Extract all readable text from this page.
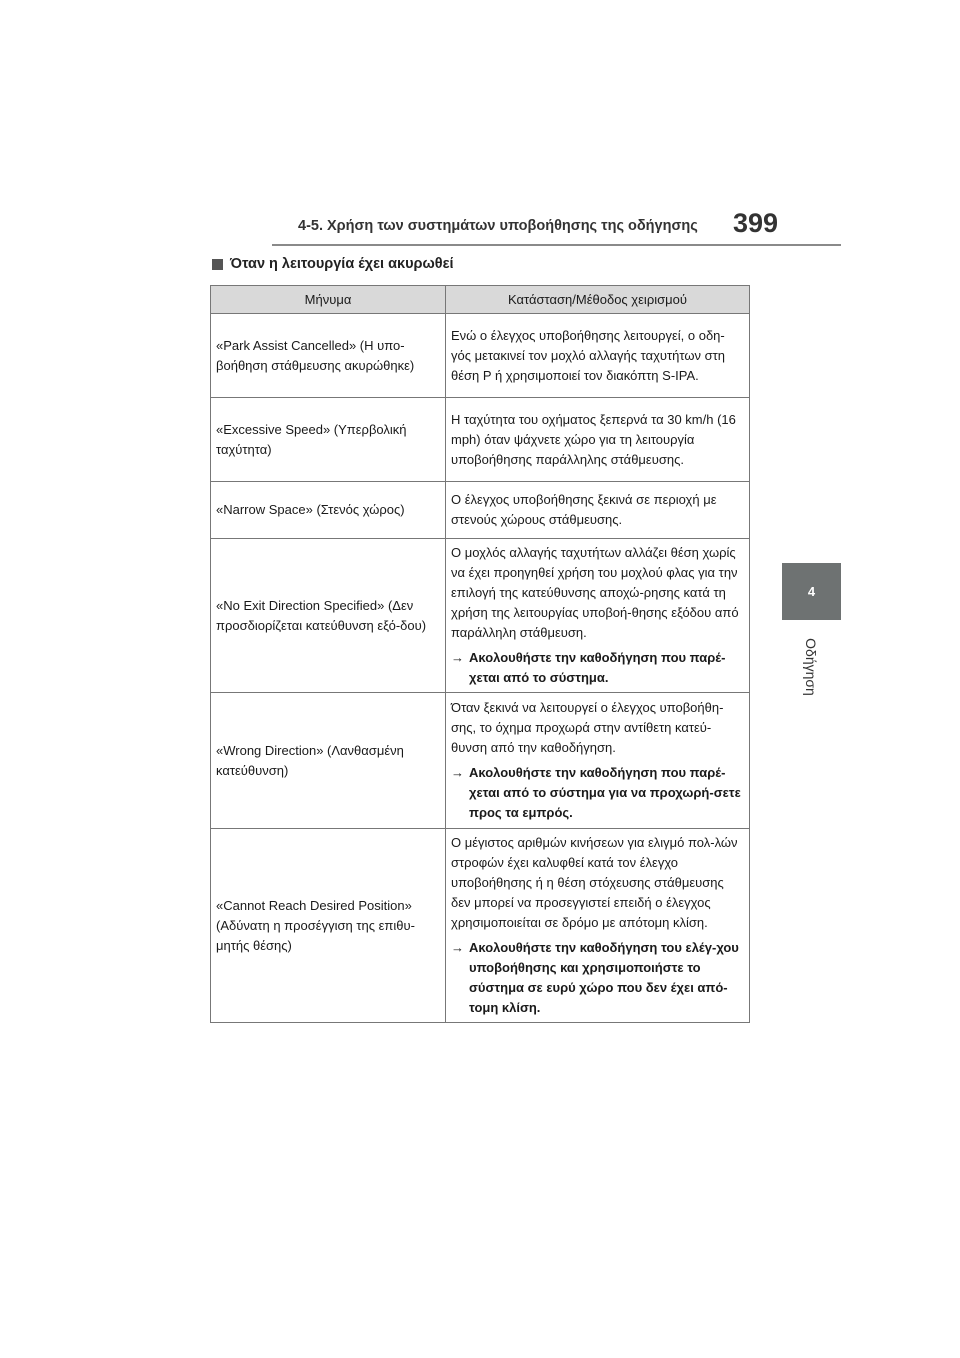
4-5. Χρήση των συστημάτων υποβοήθησης της οδήγησης 399
4
Οδήγηση
Όταν η λειτουργία έχει ακυρωθεί
Μήνυμα	Κατάσταση/Μέθοδος χειρισμού
«Park Assist Cancelled» (Η υπο-βοήθηση στάθμευσης ακυρώθηκε)	Ενώ ο έλεγχος υποβοήθησης λειτουργεί, ο οδη-γός μετακινεί τον μοχλό αλλαγής ταχυτήτων στη θέση P ή χρησιμοποιεί τον διακόπτη S-IPA.

«Excessive Speed» (Υπερβολική ταχύτητα)	Η ταχύτητα του οχήματος ξεπερνά τα 30 km/h (16 mph) όταν ψάχνετε χώρο για τη λειτουργία υποβοήθησης παράλληλης στάθμευσης.

«Narrow Space» (Στενός χώρος)	Ο έλεγχος υποβοήθησης ξεκινά σε περιοχή με στενούς χώρους στάθμευσης.

«No Exit Direction Specified» (Δεν προσδιορίζεται κατεύθυνση εξό-δου)	Ο μοχλός αλλαγής ταχυτήτων αλλάζει θέση χωρίς να έχει προηγηθεί χρήση του μοχλού φλας για την επιλογή της κατεύθυνσης αποχώ-ρησης κατά τη χρήση της λειτουργίας υποβοή-θησης εξόδου από παράλληλη στάθμευση.

→ Ακολουθήστε την καθοδήγηση που παρέ-χεται από το σύστημα.

«Wrong Direction» (Λανθασμένη κατεύθυνση)	Όταν ξεκινά να λειτουργεί ο έλεγχος υποβοήθη-σης, το όχημα προχωρά στην αντίθετη κατεύ-θυνση από την καθοδήγηση.

→ Ακολουθήστε την καθοδήγηση που παρέ-χεται από το σύστημα για να προχωρή-σετε προς τα εμπρός.

«Cannot Reach Desired Position» (Αδύνατη η προσέγγιση της επιθυ-μητής θέσης)	Ο μέγιστος αριθμών κινήσεων για ελιγμό πολ-λών στροφών έχει καλυφθεί κατά τον έλεγχο υποβοήθησης ή η θέση στόχευσης στάθμευσης δεν μπορεί να προσεγγιστεί επειδή ο έλεγχος χρησιμοποιείται σε δρόμο με απότομη κλίση.

→ Ακολουθήστε την καθοδήγηση του ελέγ-χου υποβοήθησης και χρησιμοποιήστε το σύστημα σε ευρύ χώρο που δεν έχει από-τομη κλίση.
